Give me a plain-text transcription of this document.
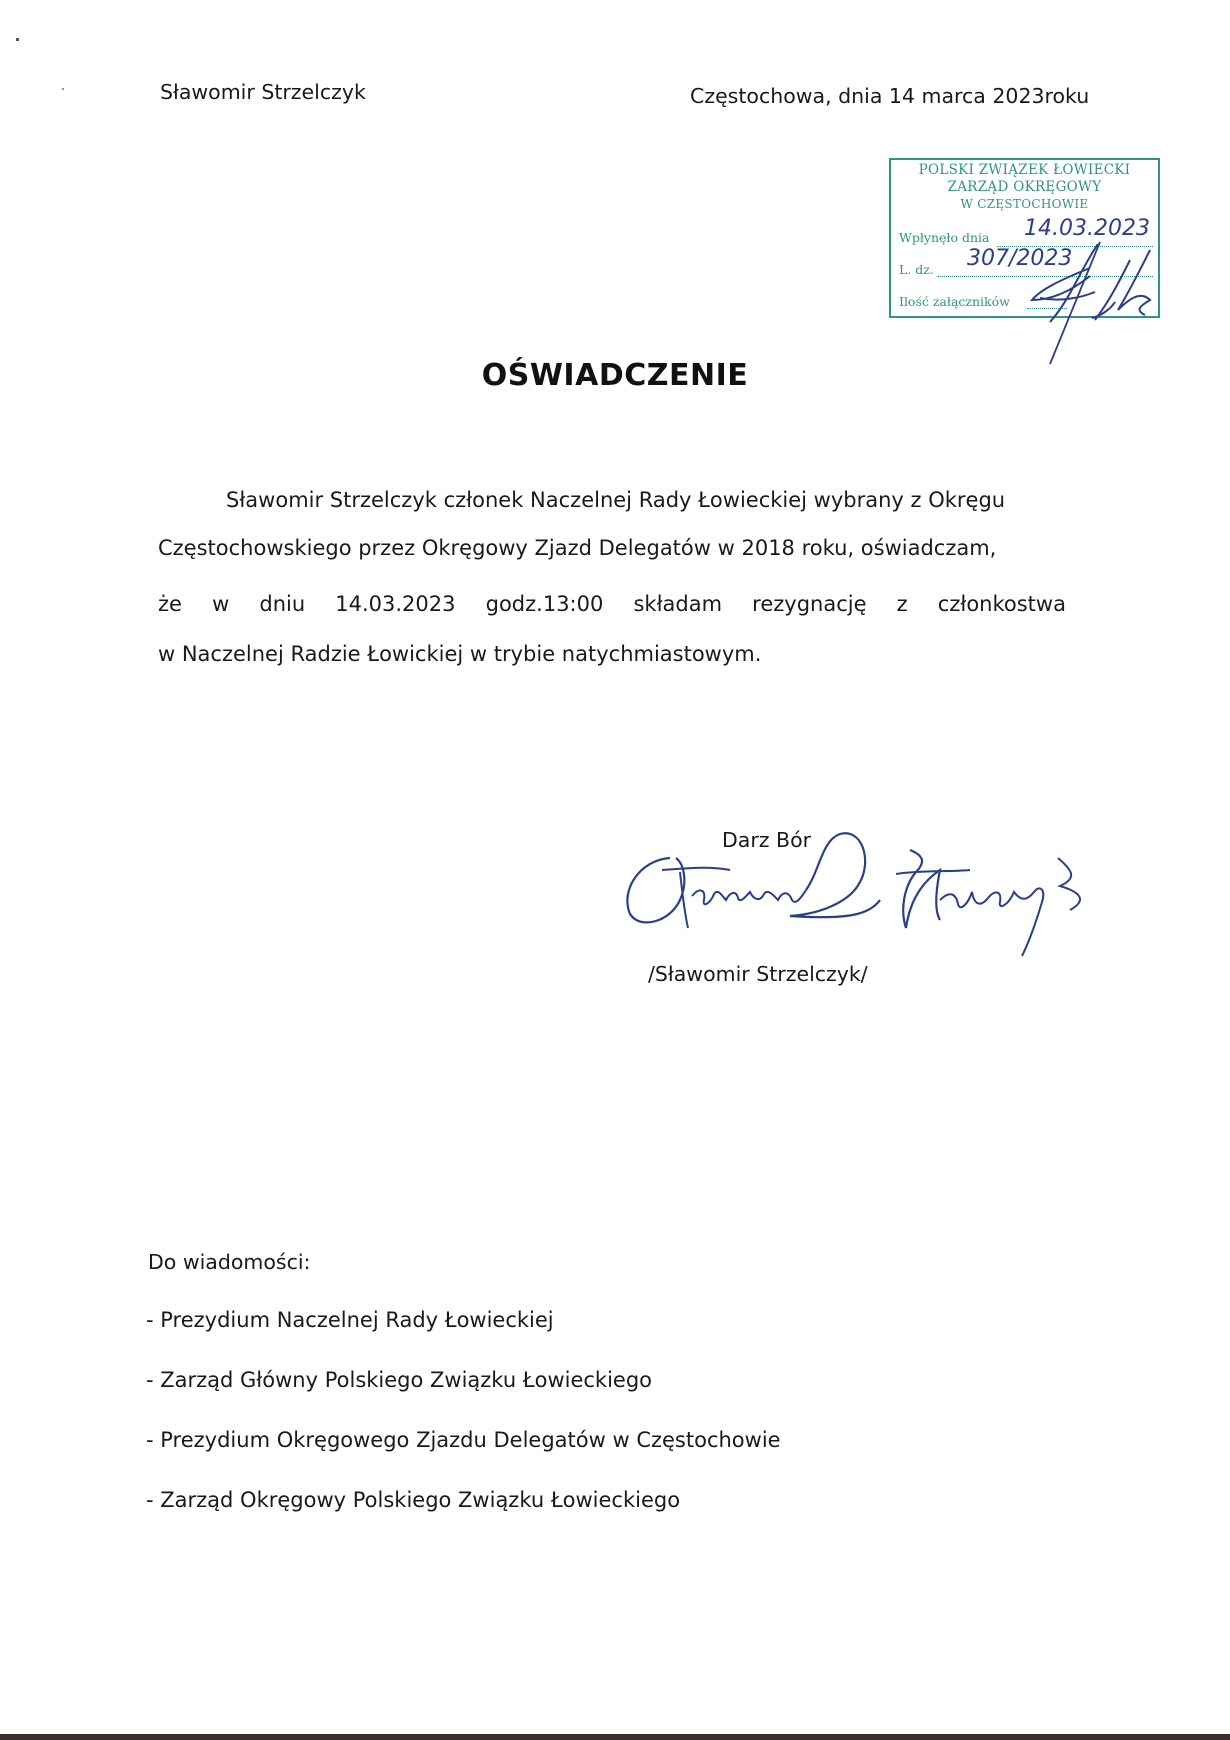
Sławomir Strzelczyk	Częstochowa, dnia 14 marca 2023roku
POLSKI ZWIĄZEK ŁOWIECKI
ZARZĄD OKRĘGOWY
W CZĘSTOCHOWIE
Wpłynęło dnia 14.03.2023
L. dz. 307/2023
Ilość załączników
OŚWIADCZENIE
Sławomir Strzelczyk członek Naczelnej Rady Łowieckiej wybrany z Okręgu
Częstochowskiego przez Okręgowy Zjazd Delegatów w 2018 roku, oświadczam,
że w dniu 14.03.2023 godz.13:00 składam rezygnację z członkostwa
w Naczelnej Radzie Łowickiej w trybie natychmiastowym.
Darz Bór
/Sławomir Strzelczyk/
Do wiadomości:
- Prezydium Naczelnej Rady Łowieckiej
- Zarząd Główny Polskiego Związku Łowieckiego
- Prezydium Okręgowego Zjazdu Delegatów w Częstochowie
- Zarząd Okręgowy Polskiego Związku Łowieckiego
